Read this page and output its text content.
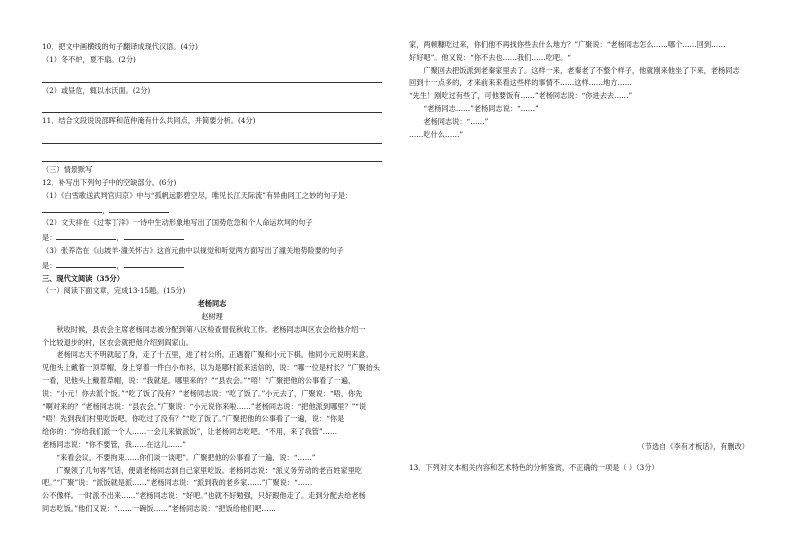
10．把文中画横线的句子翻译成现代汉语。(4分)

（1）冬不炉，夏不扇。(2分)

（2）或昼危，辄以水沃面。(2分)

11．结合文段说说邵晖和范仲淹有什么共同点，并简要分析。(4分)

（三）情景默写

12．补写出下列句子中的空缺部分。(6分)

（1）《白雪歌送武判官归京》中与“孤帆远影碧空尽，唯见长江天际流”有异曲同工之妙的句子是：

，

（2）文天祥在《过零丁洋》一诗中生动形象地写出了国势危急和个人命运坎坷的句子

是：	，

（3）张养浩在《山坡羊·潼关怀古》这首元曲中以视觉和听觉两方面写出了潼关地势险要的句子

是：	，

三、现代文阅读（35分）

（一）阅读下面文章，完成13-15题。(15分)

老杨同志

赵树理

秋收时候，县农会主席老杨同志被分配到第八区检查督促秋收工作。老杨同志叫区农会给他介绍一

个比较退步的村，区农会就把他介绍到阎家山。

老杨同志天不明就起了身，走了十五里，进了村公所，正遇着广聚和小元下棋。他同小元说明来意。

见他头上戴着一顶草帽，身上穿着一件白小布衫，以为是哪村派来送信的，说：“哪一位是村长？”广聚抬头

一看，见他头上戴着草帽，说：“我就是。哪里来的？”“县农会。”“唔！”广聚把他的公事看了一遍，

说：“小元！你去派个饭。”“吃了饭了没有？”老杨同志说：“吃了饭了。”小元去了，广聚说：“唔，你先

“啊对来的？”老杨同志说：“县农会。”广聚说：“小元说你来啦……”老杨同志说：“把他派到哪里？”“说

“唔！先到我们村里吃饭吧，你吃过了没有？”“吃了饭了。”广聚把他的公事看了一遍，说：“你是

给你的：“你给我们派一个人……一会儿来做派饭”，让老杨同志吃吧。“不用，来了我管”……

老杨同志说：“你不要管，我……在这儿……”

“来看会议，不要拘束……你们谈一谈吧”。广聚把他的公事看了一遍，说：“……”

广聚领了几句客气话，便请老杨同志到自己家里吃饭。老杨同志说：“派义务劳动的老百姓家里吃

吧。”“广聚”说：“派饭就是派……”老杨同志说：“派到我的老乡家……”广聚说：“……

公不像样。一时派不出来……”老杨同志说：“好吧。”也就不好勉强，只好跟他走了。走到分配去给老杨

同志吃饭。”他们又说：“……一碗饭……”老杨同志说：“把饭给他们吧……

家，两顿糠吃过来，你们他不再找你些去什么地方？”广聚说：“老杨同志怎么……哪个……回到……

好好吧”。他又说：“你不去也……我们……吃吧。“

广聚回去把饭派到老秦家里去了。这样一来，老秦老了不整个样子，他就刚来他坐了下来，老杨同志

回到十一点多的，才来前来来看这些样的事情不……这样……地方……

“先生！刚吃过有些了，可他要饭有……”老杨同志说：“你进去去……”

“老杨同志……”老杨同志说：“……”

老杨同志说：“……”

……吃什么……”

（节选自《李有才板话》，有删改）

13．下列对文本相关内容和艺术特色的分析鉴赏，不正确的一项是（ ）（3分）
